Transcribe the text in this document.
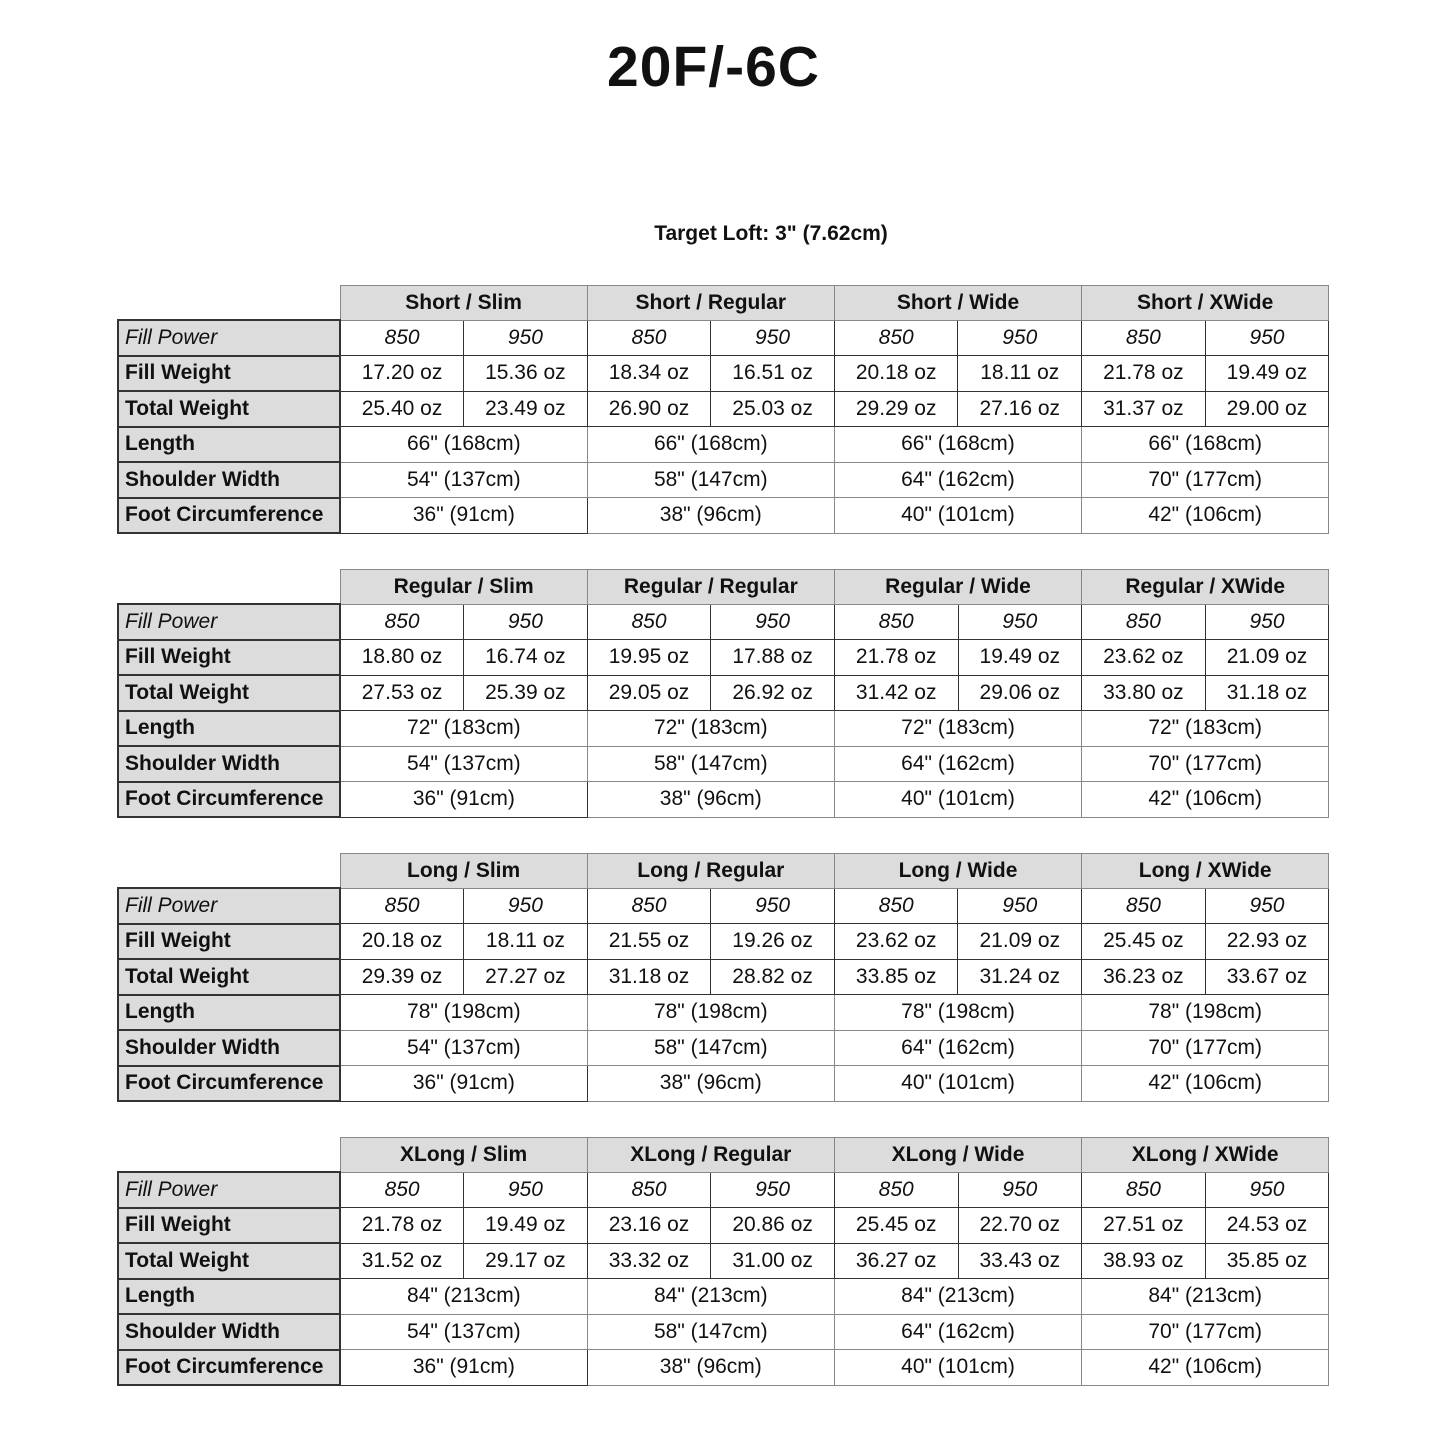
20F/-6C

Target Loft: 3" (7.62cm)

	Short / Slim		Short / Regular		Short / Wide		Short / XWide	
Fill Power	850	950	850	950	850	950	850	950
Fill Weight	17.20 oz	15.36 oz	18.34 oz	16.51 oz	20.18 oz	18.11 oz	21.78 oz	19.49 oz
Total Weight	25.40 oz	23.49 oz	26.90 oz	25.03 oz	29.29 oz	27.16 oz	31.37 oz	29.00 oz
Length	66" (168cm)		66" (168cm)		66" (168cm)		66" (168cm)	
Shoulder Width	54" (137cm)		58" (147cm)		64" (162cm)		70" (177cm)	
Foot Circumference	36" (91cm)		38" (96cm)		40" (101cm)		42" (106cm)	
	Regular / Slim		Regular / Regular		Regular / Wide		Regular / XWide	
Fill Power	850	950	850	950	850	950	850	950
Fill Weight	18.80 oz	16.74 oz	19.95 oz	17.88 oz	21.78 oz	19.49 oz	23.62 oz	21.09 oz
Total Weight	27.53 oz	25.39 oz	29.05 oz	26.92 oz	31.42 oz	29.06 oz	33.80 oz	31.18 oz
Length	72" (183cm)		72" (183cm)		72" (183cm)		72" (183cm)	
Shoulder Width	54" (137cm)		58" (147cm)		64" (162cm)		70" (177cm)	
Foot Circumference	36" (91cm)		38" (96cm)		40" (101cm)		42" (106cm)	
	Long / Slim		Long / Regular		Long / Wide		Long / XWide	
Fill Power	850	950	850	950	850	950	850	950
Fill Weight	20.18 oz	18.11 oz	21.55 oz	19.26 oz	23.62 oz	21.09 oz	25.45 oz	22.93 oz
Total Weight	29.39 oz	27.27 oz	31.18 oz	28.82 oz	33.85 oz	31.24 oz	36.23 oz	33.67 oz
Length	78" (198cm)		78" (198cm)		78" (198cm)		78" (198cm)	
Shoulder Width	54" (137cm)		58" (147cm)		64" (162cm)		70" (177cm)	
Foot Circumference	36" (91cm)		38" (96cm)		40" (101cm)		42" (106cm)	
	XLong / Slim		XLong / Regular		XLong / Wide		XLong / XWide	
Fill Power	850	950	850	950	850	950	850	950
Fill Weight	21.78 oz	19.49 oz	23.16 oz	20.86 oz	25.45 oz	22.70 oz	27.51 oz	24.53 oz
Total Weight	31.52 oz	29.17 oz	33.32 oz	31.00 oz	36.27 oz	33.43 oz	38.93 oz	35.85 oz
Length	84" (213cm)		84" (213cm)		84" (213cm)		84" (213cm)	
Shoulder Width	54" (137cm)		58" (147cm)		64" (162cm)		70" (177cm)	
Foot Circumference	36" (91cm)		38" (96cm)		40" (101cm)		42" (106cm)	
